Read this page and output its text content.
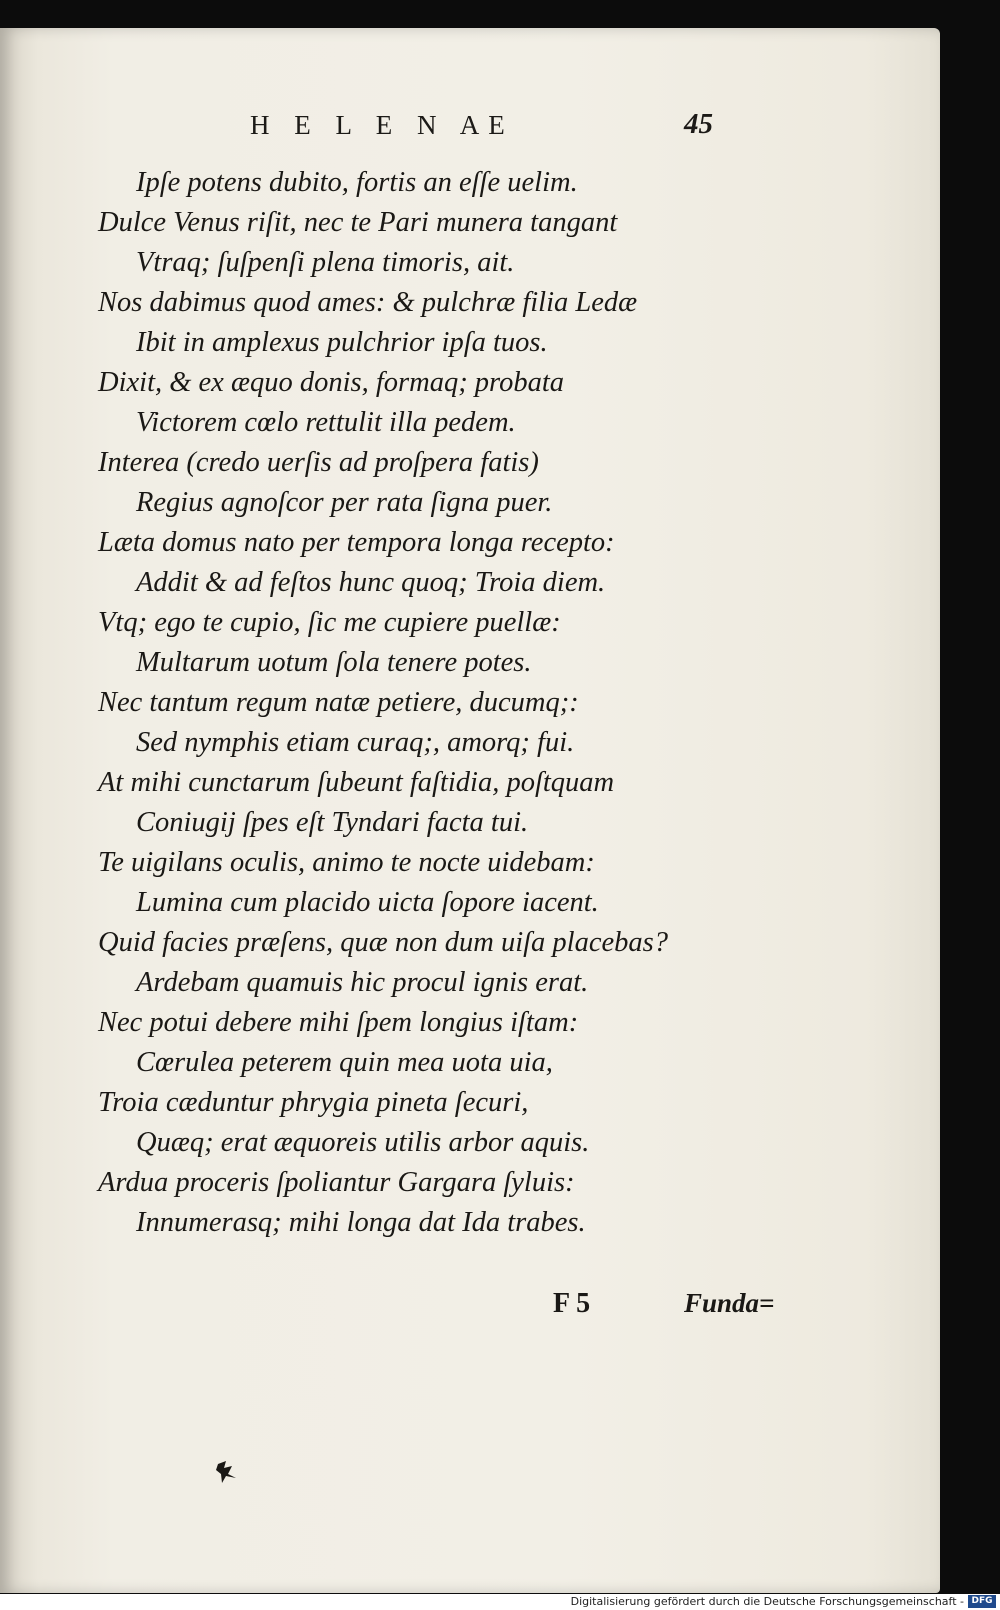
H E L E N AE	45
Ipſe potens dubito, fortis an eſſe uelim.
Dulce Venus riſit, nec te Pari munera tangant
Vtraq; ſuſpenſi plena timoris, ait.
Nos dabimus quod ames: & pulchræ filia Ledæ
Ibit in amplexus pulchrior ipſa tuos.
Dixit, & ex æquo donis, formaq; probata
Victorem cœlo rettulit illa pedem.
Interea (credo uerſis ad proſpera fatis)
Regius agnoſcor per rata ſigna puer.
Læta domus nato per tempora longa recepto:
Addit & ad feſtos hunc quoq; Troia diem.
Vtq; ego te cupio, ſic me cupiere puellæ:
Multarum uotum ſola tenere potes.
Nec tantum regum natæ petiere, ducumq;:
Sed nymphis etiam curaq;, amorq; fui.
At mihi cunctarum ſubeunt faſtidia, poſtquam
Coniugij ſpes eſt Tyndari facta tui.
Te uigilans oculis, animo te nocte uidebam:
Lumina cum placido uicta ſopore iacent.
Quid facies præſens, quæ non dum uiſa placebas?
Ardebam quamuis hic procul ignis erat.
Nec potui debere mihi ſpem longius iſtam:
Cœrulea peterem quin mea uota uia,
Troia cæduntur phrygia pineta ſecuri,
Quæq; erat æquoreis utilis arbor aquis.
Ardua proceris ſpoliantur Gargara ſyluis:
Innumerasq; mihi longa dat Ida trabes.
F 5	Funda=
Digitalisierung gefördert durch die Deutsche Forschungsgemeinschaft - DFG
